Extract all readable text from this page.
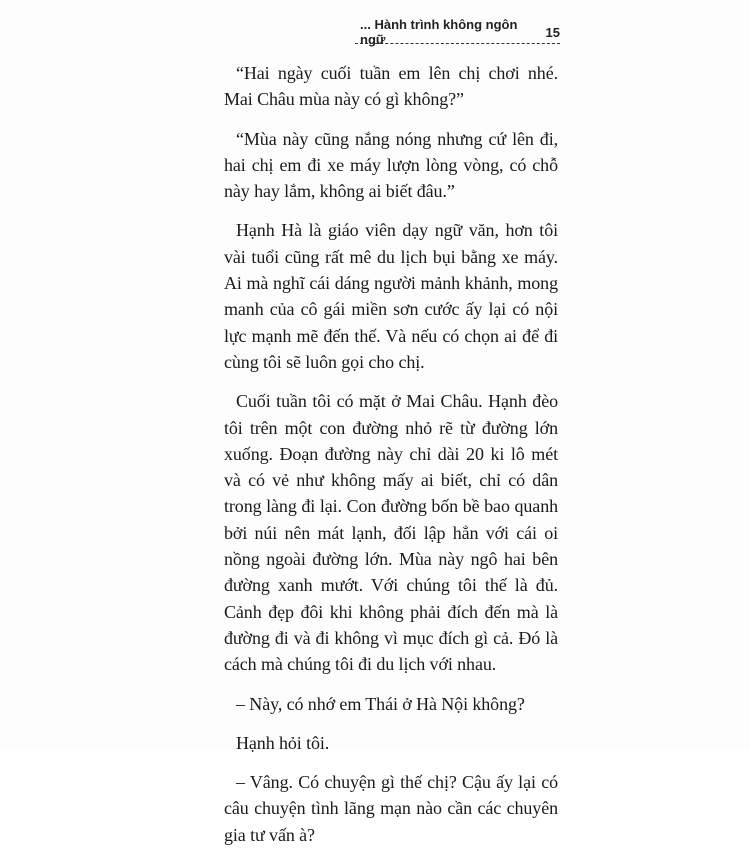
... Hành trình không ngôn ngữ	15

“Hai ngày cuối tuần em lên chị chơi nhé. Mai Châu mùa này có gì không?”

“Mùa này cũng nắng nóng nhưng cứ lên đi, hai chị em đi xe máy lượn lòng vòng, có chỗ này hay lắm, không ai biết đâu.”

Hạnh Hà là giáo viên dạy ngữ văn, hơn tôi vài tuổi cũng rất mê du lịch bụi bằng xe máy. Ai mà nghĩ cái dáng người mảnh khảnh, mong manh của cô gái miền sơn cước ấy lại có nội lực mạnh mẽ đến thế. Và nếu có chọn ai để đi cùng tôi sẽ luôn gọi cho chị.

Cuối tuần tôi có mặt ở Mai Châu. Hạnh đèo tôi trên một con đường nhỏ rẽ từ đường lớn xuống. Đoạn đường này chỉ dài 20 ki lô mét và có vẻ như không mấy ai biết, chỉ có dân trong làng đi lại. Con đường bốn bề bao quanh bởi núi nên mát lạnh, đối lập hẳn với cái oi nồng ngoài đường lớn. Mùa này ngô hai bên đường xanh mướt. Với chúng tôi thế là đủ. Cảnh đẹp đôi khi không phải đích đến mà là đường đi và đi không vì mục đích gì cả. Đó là cách mà chúng tôi đi du lịch với nhau.

– Này, có nhớ em Thái ở Hà Nội không?

Hạnh hỏi tôi.

– Vâng. Có chuyện gì thế chị? Cậu ấy lại có câu chuyện tình lãng mạn nào cần các chuyên gia tư vấn à?
